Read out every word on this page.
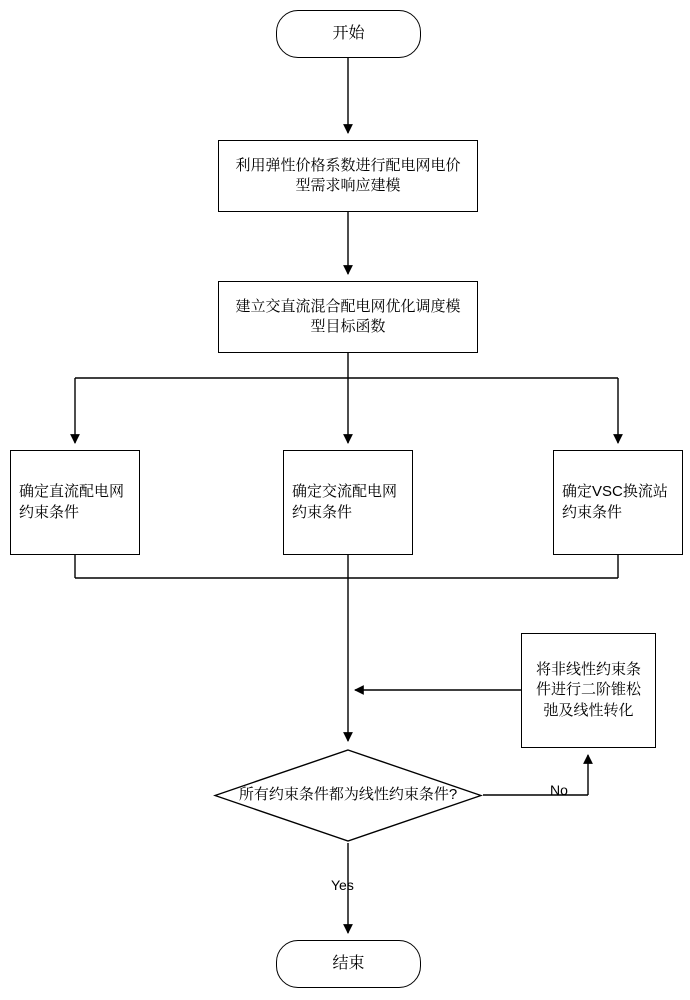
开始
利用弹性价格系数进行配电网电价型需求响应建模
建立交直流混合配电网优化调度模型目标函数
确定直流配电网约束条件
确定交流配电网约束条件
确定VSC换流站约束条件
将非线性约束条件进行二阶锥松弛及线性转化
所有约束条件都为线性约束条件?
结束
No
Yes
